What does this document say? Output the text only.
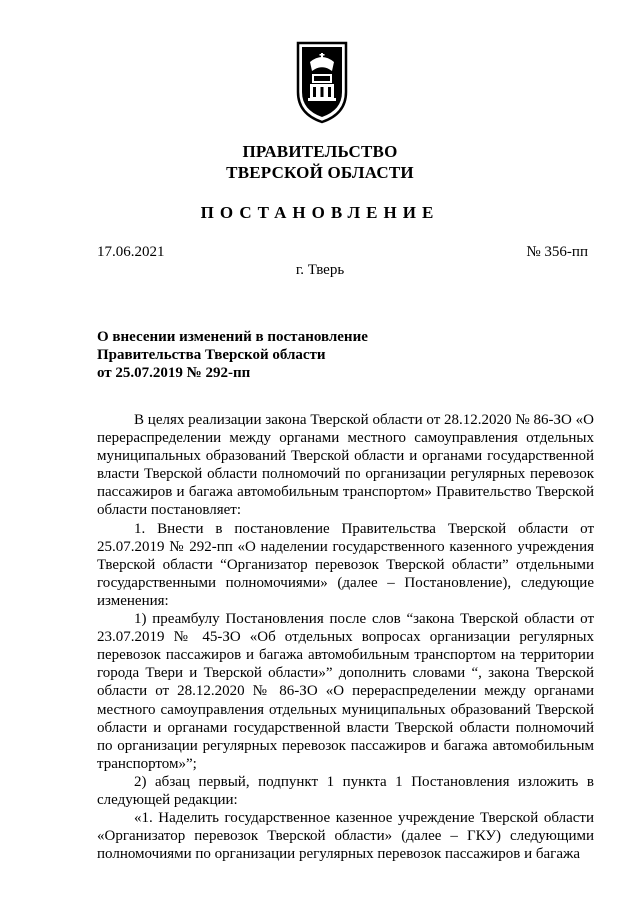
ПРАВИТЕЛЬСТВО
ТВЕРСКОЙ ОБЛАСТИ
ПОСТАНОВЛЕНИЕ
17.06.2021	№ 356-пп
г. Тверь
О внесении изменений в постановление
Правительства Тверской области
от 25.07.2019 № 292-пп

В целях реализации закона Тверской области от 28.12.2020 № 86-ЗО «О перераспределении между органами местного самоуправления отдельных муниципальных образований Тверской области и органами государственной власти Тверской области полномочий по организации регулярных перевозок пассажиров и багажа автомобильным транспортом» Правительство Тверской области постановляет:

1. Внести в постановление Правительства Тверской области от 25.07.2019 № 292-пп «О наделении государственного казенного учреждения Тверской области “Организатор перевозок Тверской области” отдельными государственными полномочиями» (далее – Постановление), следующие изменения:

1) преамбулу Постановления после слов “закона Тверской области от 23.07.2019 № 45-ЗО «Об отдельных вопросах организации регулярных перевозок пассажиров и багажа автомобильным транспортом на территории города Твери и Тверской области»” дополнить словами “, закона Тверской области от 28.12.2020 № 86-ЗО «О перераспределении между органами местного самоуправления отдельных муниципальных образований Тверской области и органами государственной власти Тверской области полномочий по организации регулярных перевозок пассажиров и багажа автомобильным транспортом»”;

2) абзац первый, подпункт 1 пункта 1 Постановления изложить в следующей редакции:

«1. Наделить государственное казенное учреждение Тверской области «Организатор перевозок Тверской области» (далее – ГКУ) следующими полномочиями по организации регулярных перевозок пассажиров и багажа
